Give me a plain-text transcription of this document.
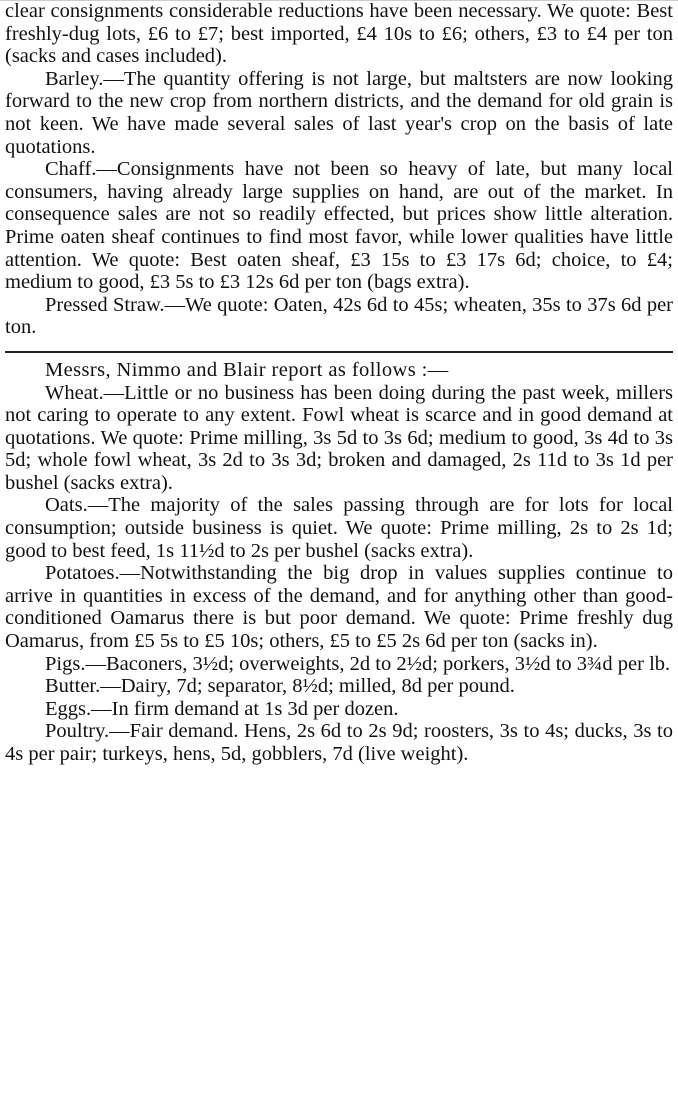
clear consignments considerable reductions have been necessary. We quote: Best freshly-dug lots, £6 to £7; best imported, £4 10s to £6; others, £3 to £4 per ton (sacks and cases included).

Barley.—The quantity offering is not large, but maltsters are now looking forward to the new crop from northern districts, and the demand for old grain is not keen. We have made several sales of last year's crop on the basis of late quotations.

Chaff.—Consignments have not been so heavy of late, but many local consumers, having already large supplies on hand, are out of the market. In consequence sales are not so readily effected, but prices show little alteration. Prime oaten sheaf continues to find most favor, while lower qualities have little attention. We quote: Best oaten sheaf, £3 15s to £3 17s 6d; choice, to £4; medium to good, £3 5s to £3 12s 6d per ton (bags extra).

Pressed Straw.—We quote: Oaten, 42s 6d to 45s; wheaten, 35s to 37s 6d per ton.

Messrs, Nimmo and Blair report as follows :—

Wheat.—Little or no business has been doing during the past week, millers not caring to operate to any extent. Fowl wheat is scarce and in good demand at quotations. We quote: Prime milling, 3s 5d to 3s 6d; medium to good, 3s 4d to 3s 5d; whole fowl wheat, 3s 2d to 3s 3d; broken and damaged, 2s 11d to 3s 1d per bushel (sacks extra).

Oats.—The majority of the sales passing through are for lots for local consumption; outside business is quiet. We quote: Prime milling, 2s to 2s 1d; good to best feed, 1s 11½d to 2s per bushel (sacks extra).

Potatoes.—Notwithstanding the big drop in values supplies continue to arrive in quantities in excess of the demand, and for anything other than good-conditioned Oamarus there is but poor demand. We quote: Prime freshly dug Oamarus, from £5 5s to £5 10s; others, £5 to £5 2s 6d per ton (sacks in).

Pigs.—Baconers, 3½d; overweights, 2d to 2½d; porkers, 3½d to 3¾d per lb.

Butter.—Dairy, 7d; separator, 8½d; milled, 8d per pound.

Eggs.—In firm demand at 1s 3d per dozen.

Poultry.—Fair demand. Hens, 2s 6d to 2s 9d; roosters, 3s to 4s; ducks, 3s to 4s per pair; turkeys, hens, 5d, gobblers, 7d (live weight).
